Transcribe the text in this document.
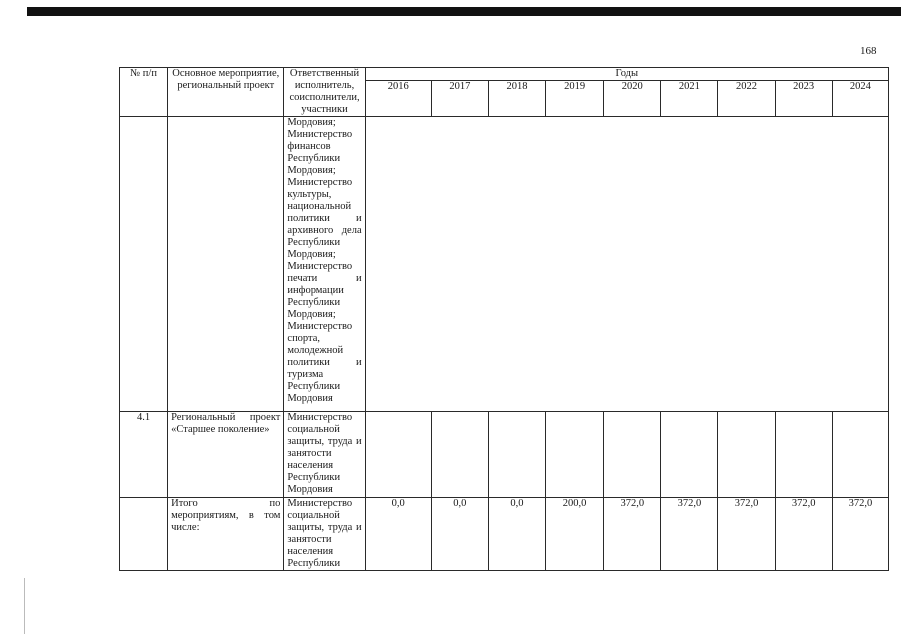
168
№ п/п	Основное мероприятие, региональный проект	Ответственный исполнитель, соисполнители, участники	Годы								
			2016	2017	2018	2019	2020	2021	2022	2023	2024
		Мордовия; Министерство финансов Республики Мордовия; Министерство культуры, национальной политики и архивного дела Республики Мордовия; Министерство печати и информации Республики Мордовия; Министерство спорта, молодежной политики и туризма Республики Мордовия									
4.1	Региональный проект «Старшее поколение»	Министерство социальной защиты, труда и занятости населения Республики Мордовия									
	Итого по мероприятиям, в том числе:	Министерство социальной защиты, труда и занятости населения Республики	0,0	0,0	0,0	200,0	372,0	372,0	372,0	372,0	372,0
